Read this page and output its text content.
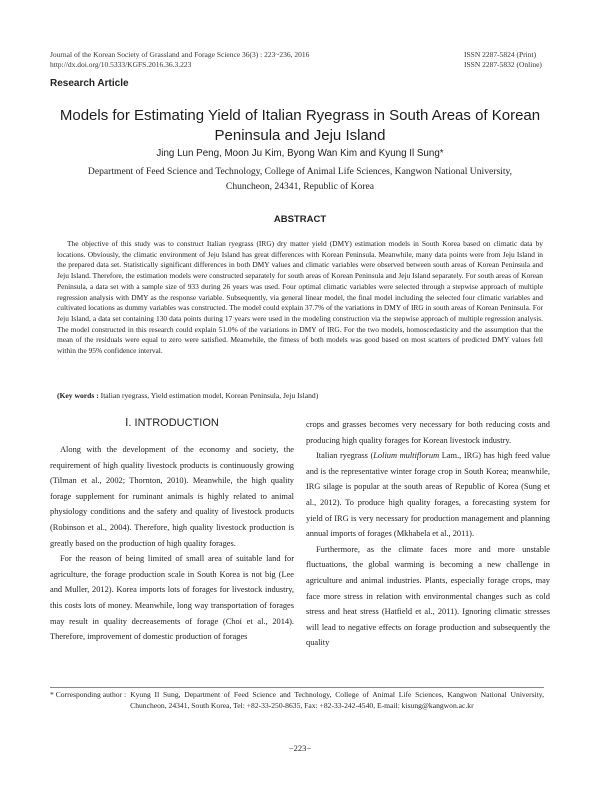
Journal of the Korean Society of Grassland and Forage Science 36(3) : 223~236, 2016
http://dx.doi.org/10.5333/KGFS.2016.36.3.223
ISSN 2287-5824 (Print)
ISSN 2287-5832 (Online)
Research Article
Models for Estimating Yield of Italian Ryegrass in South Areas of Korean
Peninsula and Jeju Island
Jing Lun Peng, Moon Ju Kim, Byong Wan Kim and Kyung Il Sung*
Department of Feed Science and Technology, College of Animal Life Sciences, Kangwon National University,
Chuncheon, 24341, Republic of Korea
ABSTRACT

The objective of this study was to construct Italian ryegrass (IRG) dry matter yield (DMY) estimation models in South Korea based on climatic data by locations. Obviously, the climatic environment of Jeju Island has great differences with Korean Peninsula. Meanwhile, many data points were from Jeju Island in the prepared data set. Statistically significant differences in both DMY values and climatic variables were observed between south areas of Korean Peninsula and Jeju Island. Therefore, the estimation models were constructed separately for south areas of Korean Peninsula and Jeju Island separately. For south areas of Korean Peninsula, a data set with a sample size of 933 during 26 years was used. Four optimal climatic variables were selected through a stepwise approach of multiple regression analysis with DMY as the response variable. Subsequently, via general linear model, the final model including the selected four climatic variables and cultivated locations as dummy variables was constructed. The model could explain 37.7% of the variations in DMY of IRG in south areas of Korean Peninsula. For Jeju Island, a data set containing 130 data points during 17 years were used in the modeling construction via the stepwise approach of multiple regression analysis. The model constructed in this research could explain 51.0% of the variations in DMY of IRG. For the two models, homoscedasticity and the assumption that the mean of the residuals were equal to zero were satisfied. Meanwhile, the fitness of both models was good based on most scatters of predicted DMY values fell within the 95% confidence interval.

(Key words : Italian ryegrass, Yield estimation model, Korean Peninsula, Jeju Island)
Ⅰ. INTRODUCTION

Along with the development of the economy and society, the requirement of high quality livestock products is continuously growing (Tilman et al., 2002; Thornton, 2010). Meanwhile, the high quality forage supplement for ruminant animals is highly related to animal physiology conditions and the safety and quality of livestock products (Robinson et al., 2004). Therefore, high quality livestock production is greatly based on the production of high quality forages.

For the reason of being limited of small area of suitable land for agriculture, the forage production scale in South Korea is not big (Lee and Muller, 2012). Korea imports lots of forages for livestock industry, this costs lots of money. Meanwhile, long way transportation of forages may result in quality decreasements of forage (Choi et al., 2014). Therefore, improvement of domestic production of forages

crops and grasses becomes very necessary for both reducing costs and producing high quality forages for Korean livestock industry.

Italian ryegrass (Lolium multiflorum Lam., IRG) has high feed value and is the representative winter forage crop in South Korea; meanwhile, IRG silage is popular at the south areas of Republic of Korea (Sung et al., 2012). To produce high quality forages, a forecasting system for yield of IRG is very necessary for production management and planning annual imports of forages (Mkhabela et al., 2011).

Furthermore, as the climate faces more and more unstable fluctuations, the global warming is becoming a new challenge in agriculture and animal industries. Plants, especially forage crops, may face more stress in relation with environmental changes such as cold stress and heat stress (Hatfield et al., 2011). Ignoring climatic stresses will lead to negative effects on forage production and subsequently the quality

* Corresponding author : Kyung Il Sung, Department of Feed Science and Technology, College of Animal Life Sciences, Kangwon National University, Chuncheon, 24341, South Korea, Tel: +82-33-250-8635, Fax: +82-33-242-4540, E-mail: kisung@kangwon.ac.kr
−223−
